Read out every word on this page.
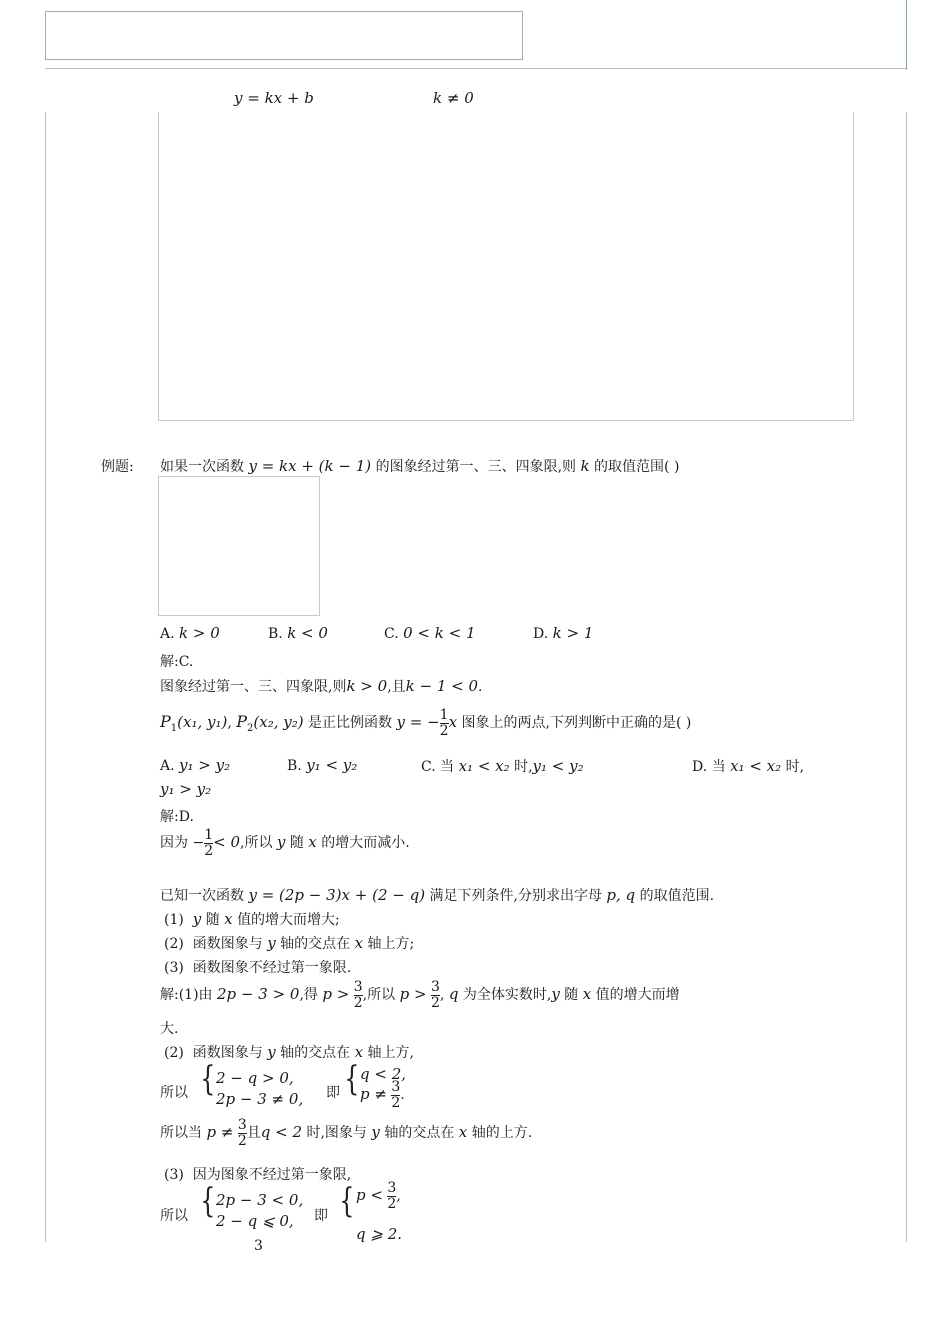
y = kx + b	k ≠ 0
例题: 如果一次函数 y = kx + (k − 1) 的图象经过第一、三、四象限,则 k 的取值范围( )
A. k > 0	B. k < 0	C. 0 < k < 1	D. k > 1
解:C.
图象经过第一、三、四象限,则k > 0,且k − 1 < 0.
$P_1(x_1$, y₁), $P_2(x_2$, y₂) 是正比例函数 y = − $\frac{1}{2}$ x 图象上的两点,下列判断中正确的是( )
A. y₁ > y₂	B. y₁ < y₂	C. 当 x₁ < x₂ 时,y₁ < y₂	D. 当 x₁ < x₂ 时,
y₁ > y₂
解:D.
因为 − $\frac{1}{2} < 0$,所以 y 随 x 的增大而减小.
已知一次函数 y = (2p − 3)x + (2 − q) 满足下列条件,分别求出字母 p, q 的取值范围.
(1) y 随 x 值的增大而增大;
(2) 函数图象与 y 轴的交点在 x 轴上方;
(3) 函数图象不经过第一象限.
解:(1)由 2p − 3 > 0,得 $p > \frac{3}{2}$ ,所以 $p > \frac{3}{2}$ , q 为全体实数时,y 随 x 值的增大而增
大.
(2) 函数图象与 y 轴的交点在 x 轴上方,
所以 { 2 − q > 0,
2p − 3 ≠ 0, 即 { q < 2,
$p \ne \frac{3}{2}$ .
所以当 $p \ne \frac{3}{2}$ 且q < 2 时,图象与 y 轴的交点在 x 轴的上方.
(3) 因为图象不经过第一象限,
所以 { 2p − 3 < 0,
2 − q ⩽ 0, 即 { $p < \frac{3}{2}$ ,
q ⩾ 2.
3
